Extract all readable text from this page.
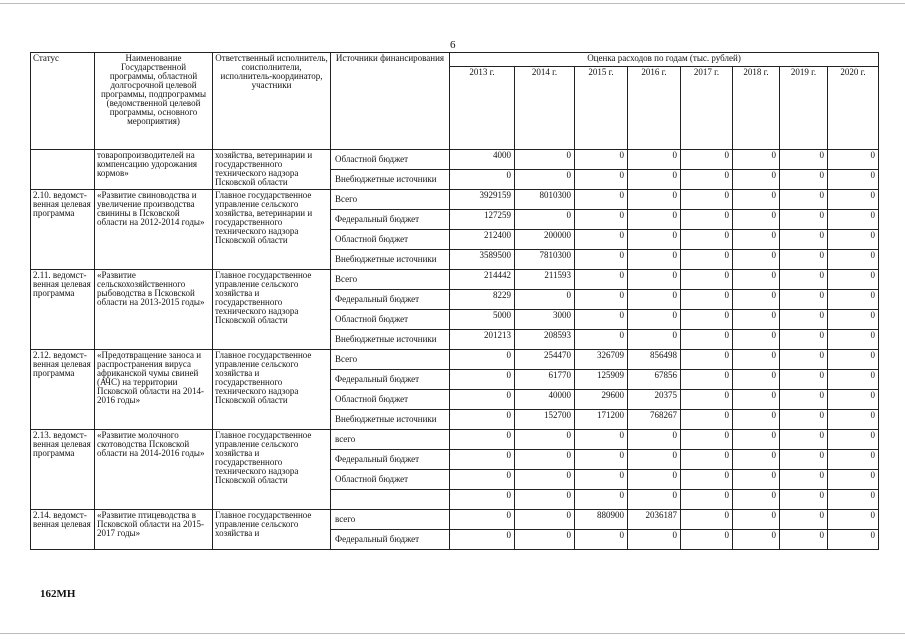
6
Статус	Наименование Государственной программы, областной долгосрочной целевой программы, подпрограммы (ведомственной целевой программы, основного мероприятия)	Ответственный исполнитель, соисполнители, исполнитель-координатор, участники	Источники финансирования	Оценка расходов по годам (тыс. рублей)							
				2013 г.	2014 г.	2015 г.	2016 г.	2017 г.	2018 г.	2019 г.	2020 г.
	товаропроизводителей на компенсацию удорожания кормов»	хозяйства, ветеринарии и государственного технического надзора Псковской области	Областной бюджет	4000	0	0	0	0	0	0	0
			Внебюджетные источники	0	0	0	0	0	0	0	0
2.10. ведомст-венная целевая программа	«Развитие свиноводства и увеличение производства свинины в Псковской области на 2012-2014 годы»	Главное государственное управление сельского хозяйства, ветеринарии и государственного технического надзора Псковской области	Всего	3929159	8010300	0	0	0	0	0	0
			Федеральный бюджет	127259	0	0	0	0	0	0	0
			Областной бюджет	212400	200000	0	0	0	0	0	0
			Внебюджетные источники	3589500	7810300	0	0	0	0	0	0
2.11. ведомст-венная целевая программа	«Развитие сельскохозяйственного рыбоводства в Псковской области на 2013-2015 годы»	Главное государственное управление сельского хозяйства и государственного технического надзора Псковской области	Всего	214442	211593	0	0	0	0	0	0
			Федеральный бюджет	8229	0	0	0	0	0	0	0
			Областной бюджет	5000	3000	0	0	0	0	0	0
			Внебюджетные источники	201213	208593	0	0	0	0	0	0
2.12. ведомст-венная целевая программа	«Предотвращение заноса и распространения вируса африканской чумы свиней (АЧС) на территории Псковской области на 2014-2016 годы»	Главное государственное управление сельского хозяйства и государственного технического надзора Псковской области	Всего	0	254470	326709	856498	0	0	0	0
			Федеральный бюджет	0	61770	125909	67856	0	0	0	0
			Областной бюджет	0	40000	29600	20375	0	0	0	0
			Внебюджетные источники	0	152700	171200	768267	0	0	0	0
2.13. ведомст-венная целевая программа	«Развитие молочного скотоводства Псковской области на 2014-2016 годы»	Главное государственное управление сельского хозяйства и государственного технического надзора Псковской области	всего	0	0	0	0	0	0	0	0
			Федеральный бюджет	0	0	0	0	0	0	0	0
			Областной бюджет	0	0	0	0	0	0	0	0
				0	0	0	0	0	0	0	0
2.14. ведомст-венная целевая	«Развитие птицеводства в Псковской области на 2015-2017 годы»	Главное государственное управление сельского хозяйства и	всего	0	0	880900	2036187	0	0	0	0
			Федеральный бюджет	0	0	0	0	0	0	0	0
162МН
